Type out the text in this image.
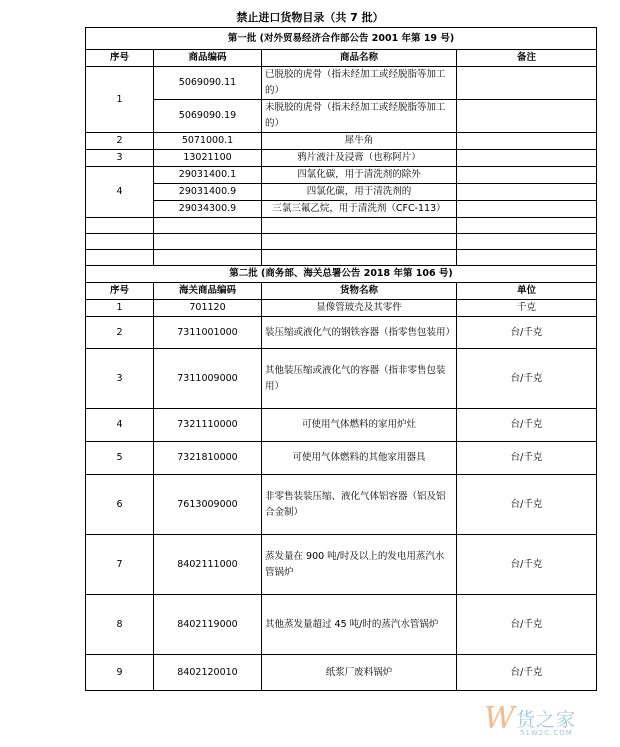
禁止进口货物目录（共 7 批）
第一批 (对外贸易经济合作部公告 2001 年第 19 号)			
序号	商品编码	商品名称	备注
1	5069090.11	已脱胶的虎骨（指未经加工或经脱脂等加工的）	
	5069090.19	未脱胶的虎骨（指未经加工或经脱脂等加工的）	
2	5071000.1	犀牛角	
3	13021100	鸦片液汁及浸膏（也称阿片）	
4	29031400.1	四氯化碳，用于清洗剂的除外	
	29031400.9	四氯化碳，用于清洗剂的	
	29034300.9	三氯三氟乙烷，用于清洗剂（CFC-113）	

第二批 (商务部、海关总署公告 2018 年第 106 号)			
序号	海关商品编码	货物名称	单位
1	701120	显像管玻壳及其零件	千克
2	7311001000	装压缩或液化气的钢铁容器（指零售包装用）	台/千克
3	7311009000	其他装压缩或液化气的容器（指非零售包装用）	台/千克
4	7321110000	可使用气体燃料的家用炉灶	台/千克
5	7321810000	可使用气体燃料的其他家用器具	台/千克
6	7613009000	非零售装装压缩、液化气体铝容器（铝及铝合金制）	台/千克
7	8402111000	蒸发量在 900 吨/时及以上的发电用蒸汽水管锅炉	台/千克
8	8402119000	其他蒸发量超过 45 吨/时的蒸汽水管锅炉	台/千克
9	8402120010	纸浆厂废料锅炉	台/千克
W 货之家
51W2C.COM
